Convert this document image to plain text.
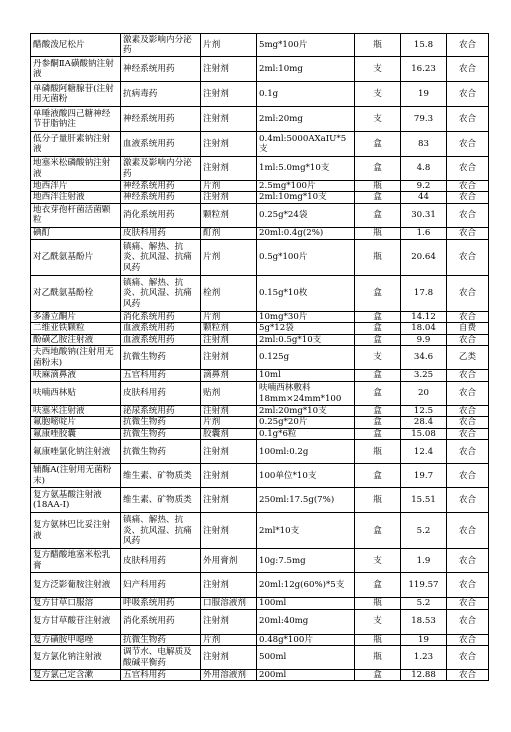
醋酸泼尼松片	激素及影响内分泌药	片剂	5mg*100片	瓶	15.8	农合
丹参酮ⅡA磺酸钠注射液	神经系统用药	注射剂	2ml:10mg	支	16.23	农合
单磷酸阿糖腺苷(注射用无菌粉	抗病毒药	注射剂	0.1g	支	19	农合
单唾液酸四己糖神经节苷脂钠注	神经系统用药	注射剂	2ml:20mg	支	79.3	农合
低分子量肝素钠注射液	血液系统用药	注射剂	0.4ml:5000AXaIU*5支	盒	83	农合
地塞米松磷酸钠注射液	激素及影响内分泌药	注射剂	1ml:5.0mg*10支	盒	4.8	农合
地西泮片	神经系统用药	片剂	2.5mg*100片	瓶	9.2	农合
地西泮注射液	神经系统用药	注射剂	2ml:10mg*10支	盒	44	农合
地衣芽孢杆菌活菌颗粒	消化系统用药	颗粒剂	0.25g*24袋	盒	30.31	农合
碘酊	皮肤科用药	酊剂	20ml:0.4g(2%)	瓶	1.6	农合
对乙酰氨基酚片	镇痛、解热、抗炎、抗风湿、抗痛风药	片剂	0.5g*100片	瓶	20.64	农合
对乙酰氨基酚栓	镇痛、解热、抗炎、抗风湿、抗痛风药	栓剂	0.15g*10枚	盒	17.8	农合
多潘立酮片	消化系统用药	片剂	10mg*30片	盒	14.12	农合
二维亚铁颗粒	血液系统用药	颗粒剂	5g*12袋	盒	18.04	自费
酚磺乙胺注射液	血液系统用药	注射剂	2ml:0.5g*10支	盒	9.9	农合
夫西地酸钠(注射用无菌粉末)	抗微生物药	注射剂	0.125g	支	34.6	乙类
呋麻滴鼻液	五官科用药	滴鼻剂	10ml	盒	3.25	农合
呋喃西林贴	皮肤科用药	贴剂	呋喃西林敷料18mm×24mm*100	盒	20	农合
呋塞米注射液	泌尿系统用药	注射剂	2ml:20mg*10支	盒	12.5	农合
氟胞嘧啶片	抗微生物药	片剂	0.25g*20片	盒	28.4	农合
氟康唑胶囊	抗微生物药	胶囊剂	0.1g*6粒	盒	15.08	农合
氟康唑氯化钠注射液	抗微生物药	注射剂	100ml:0.2g	瓶	12.4	农合
辅酶A(注射用无菌粉末)	维生素、矿物质类	注射剂	100单位*10支	盒	19.7	农合
复方氨基酸注射液(18AA-Ⅰ)	维生素、矿物质类	注射剂	250ml:17.5g(7%)	瓶	15.51	农合
复方氨林巴比妥注射液	镇痛、解热、抗炎、抗风湿、抗痛风药	注射剂	2ml*10支	盒	5.2	农合
复方醋酸地塞米松乳膏	皮肤科用药	外用膏剂	10g:7.5mg	支	1.9	农合
复方泛影葡胺注射液	妇产科用药	注射剂	20ml:12g(60%)*5支	盒	119.57	农合
复方甘草口服溶	呼吸系统用药	口服溶液剂	100ml	瓶	5.2	农合
复方甘草酸苷注射液	消化系统用药	注射剂	20ml:40mg	支	18.53	农合
复方磺胺甲噁唑	抗微生物药	片剂	0.48g*100片	瓶	19	农合
复方氯化钠注射液	调节水、电解质及酸碱平衡药	注射剂	500ml	瓶	1.23	农合
复方氯己定含漱	五官科用药	外用溶液剂	200ml	盒	12.88	农合
